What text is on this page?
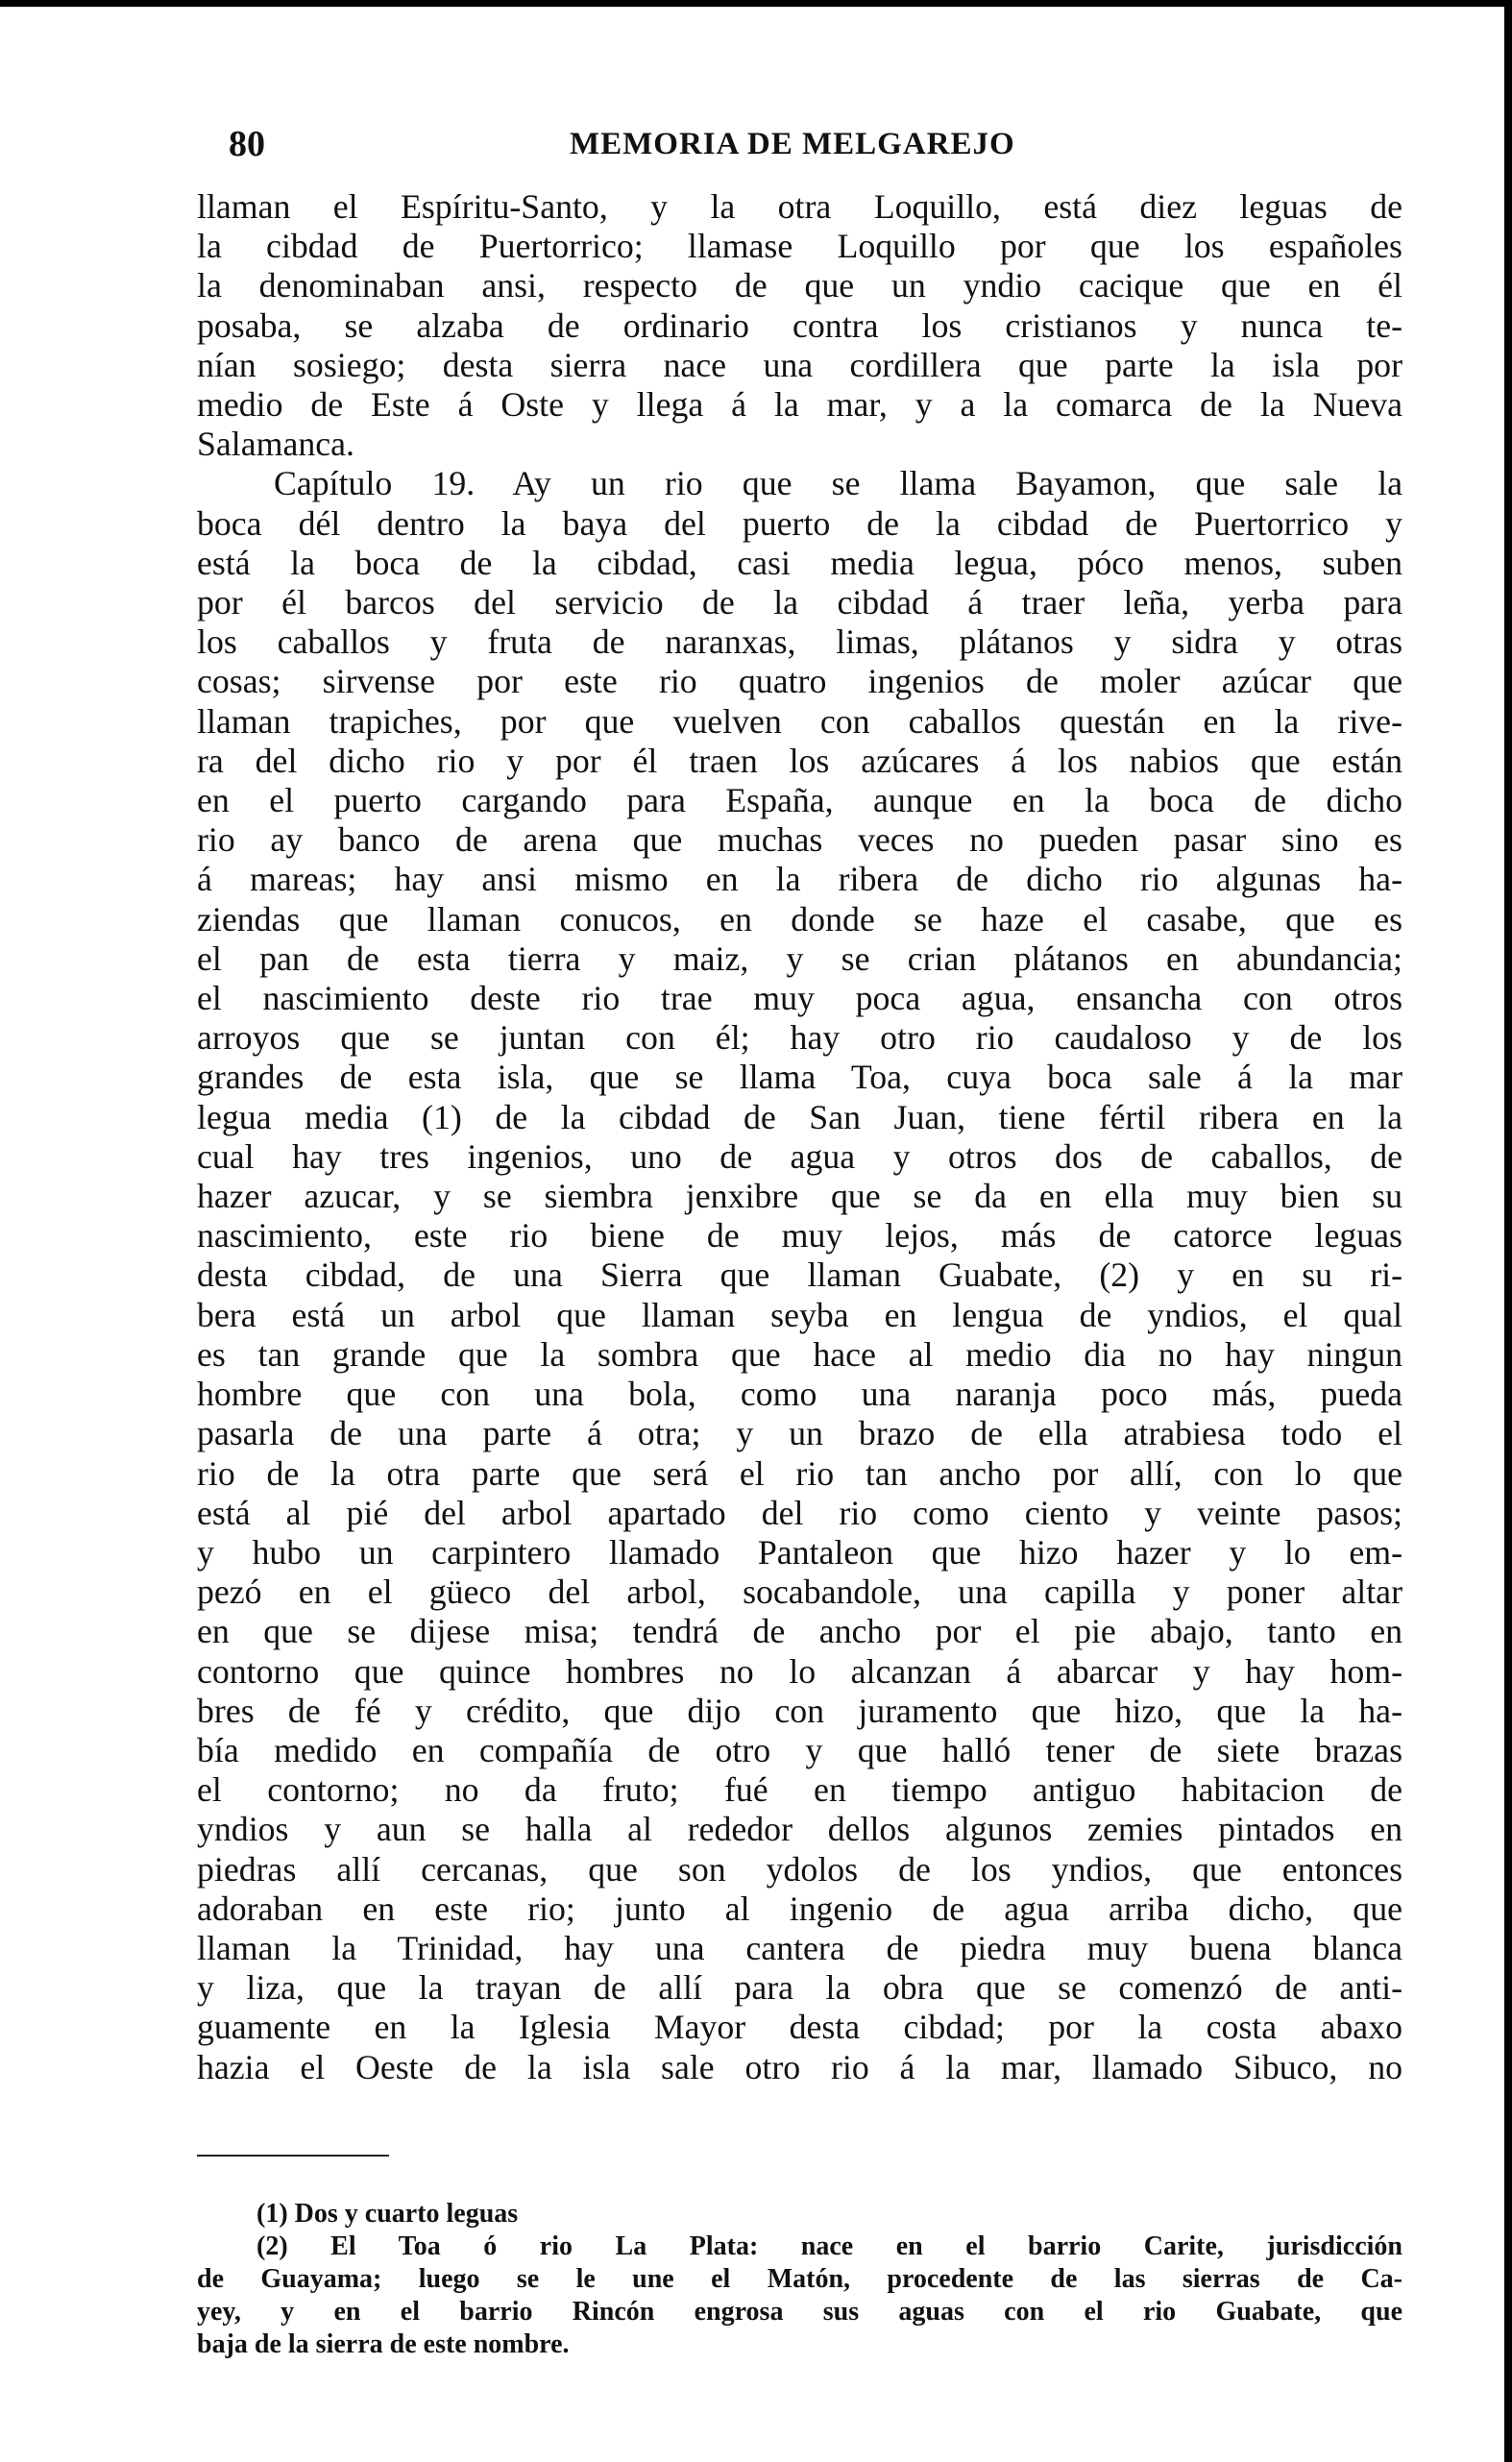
80	MEMORIA DE MELGAREJO
llaman el Espíritu-Santo, y la otra Loquillo, está diez leguas de
la cibdad de Puertorrico; llamase Loquillo por que los españoles
la denominaban ansi, respecto de que un yndio cacique que en él
posaba, se alzaba de ordinario contra los cristianos y nunca te-
nían sosiego; desta sierra nace una cordillera que parte la isla por
medio de Este á Oste y llega á la mar, y a la comarca de la Nueva
Salamanca.
Capítulo 19. Ay un rio que se llama Bayamon, que sale la
boca dél dentro la baya del puerto de la cibdad de Puertorrico y
está la boca de la cibdad, casi media legua, póco menos, suben
por él barcos del servicio de la cibdad á traer leña, yerba para
los caballos y fruta de naranxas, limas, plátanos y sidra y otras
cosas; sirvense por este rio quatro ingenios de moler azúcar que
llaman trapiches, por que vuelven con caballos questán en la rive-
ra del dicho rio y por él traen los azúcares á los nabios que están
en el puerto cargando para España, aunque en la boca de dicho
rio ay banco de arena que muchas veces no pueden pasar sino es
á mareas; hay ansi mismo en la ribera de dicho rio algunas ha-
ziendas que llaman conucos, en donde se haze el casabe, que es
el pan de esta tierra y maiz, y se crian plátanos en abundancia;
el nascimiento deste rio trae muy poca agua, ensancha con otros
arroyos que se juntan con él; hay otro rio caudaloso y de los
grandes de esta isla, que se llama Toa, cuya boca sale á la mar
legua media (1) de la cibdad de San Juan, tiene fértil ribera en la
cual hay tres ingenios, uno de agua y otros dos de caballos, de
hazer azucar, y se siembra jenxibre que se da en ella muy bien su
nascimiento, este rio biene de muy lejos, más de catorce leguas
desta cibdad, de una Sierra que llaman Guabate, (2) y en su ri-
bera está un arbol que llaman seyba en lengua de yndios, el qual
es tan grande que la sombra que hace al medio dia no hay ningun
hombre que con una bola, como una naranja poco más, pueda
pasarla de una parte á otra; y un brazo de ella atrabiesa todo el
rio de la otra parte que será el rio tan ancho por allí, con lo que
está al pié del arbol apartado del rio como ciento y veinte pasos;
y hubo un carpintero llamado Pantaleon que hizo hazer y lo em-
pezó en el güeco del arbol, socabandole, una capilla y poner altar
en que se dijese misa; tendrá de ancho por el pie abajo, tanto en
contorno que quince hombres no lo alcanzan á abarcar y hay hom-
bres de fé y crédito, que dijo con juramento que hizo, que la ha-
bía medido en compañía de otro y que halló tener de siete brazas
el contorno; no da fruto; fué en tiempo antiguo habitacion de
yndios y aun se halla al rededor dellos algunos zemies pintados en
piedras allí cercanas, que son ydolos de los yndios, que entonces
adoraban en este rio; junto al ingenio de agua arriba dicho, que
llaman la Trinidad, hay una cantera de piedra muy buena blanca
y liza, que la trayan de allí para la obra que se comenzó de anti-
guamente en la Iglesia Mayor desta cibdad; por la costa abaxo
hazia el Oeste de la isla sale otro rio á la mar, llamado Sibuco, no
(1) Dos y cuarto leguas
(2) El Toa ó rio La Plata: nace en el barrio Carite, jurisdicción
de Guayama; luego se le une el Matón, procedente de las sierras de Ca-
yey, y en el barrio Rincón engrosa sus aguas con el rio Guabate, que
baja de la sierra de este nombre.
